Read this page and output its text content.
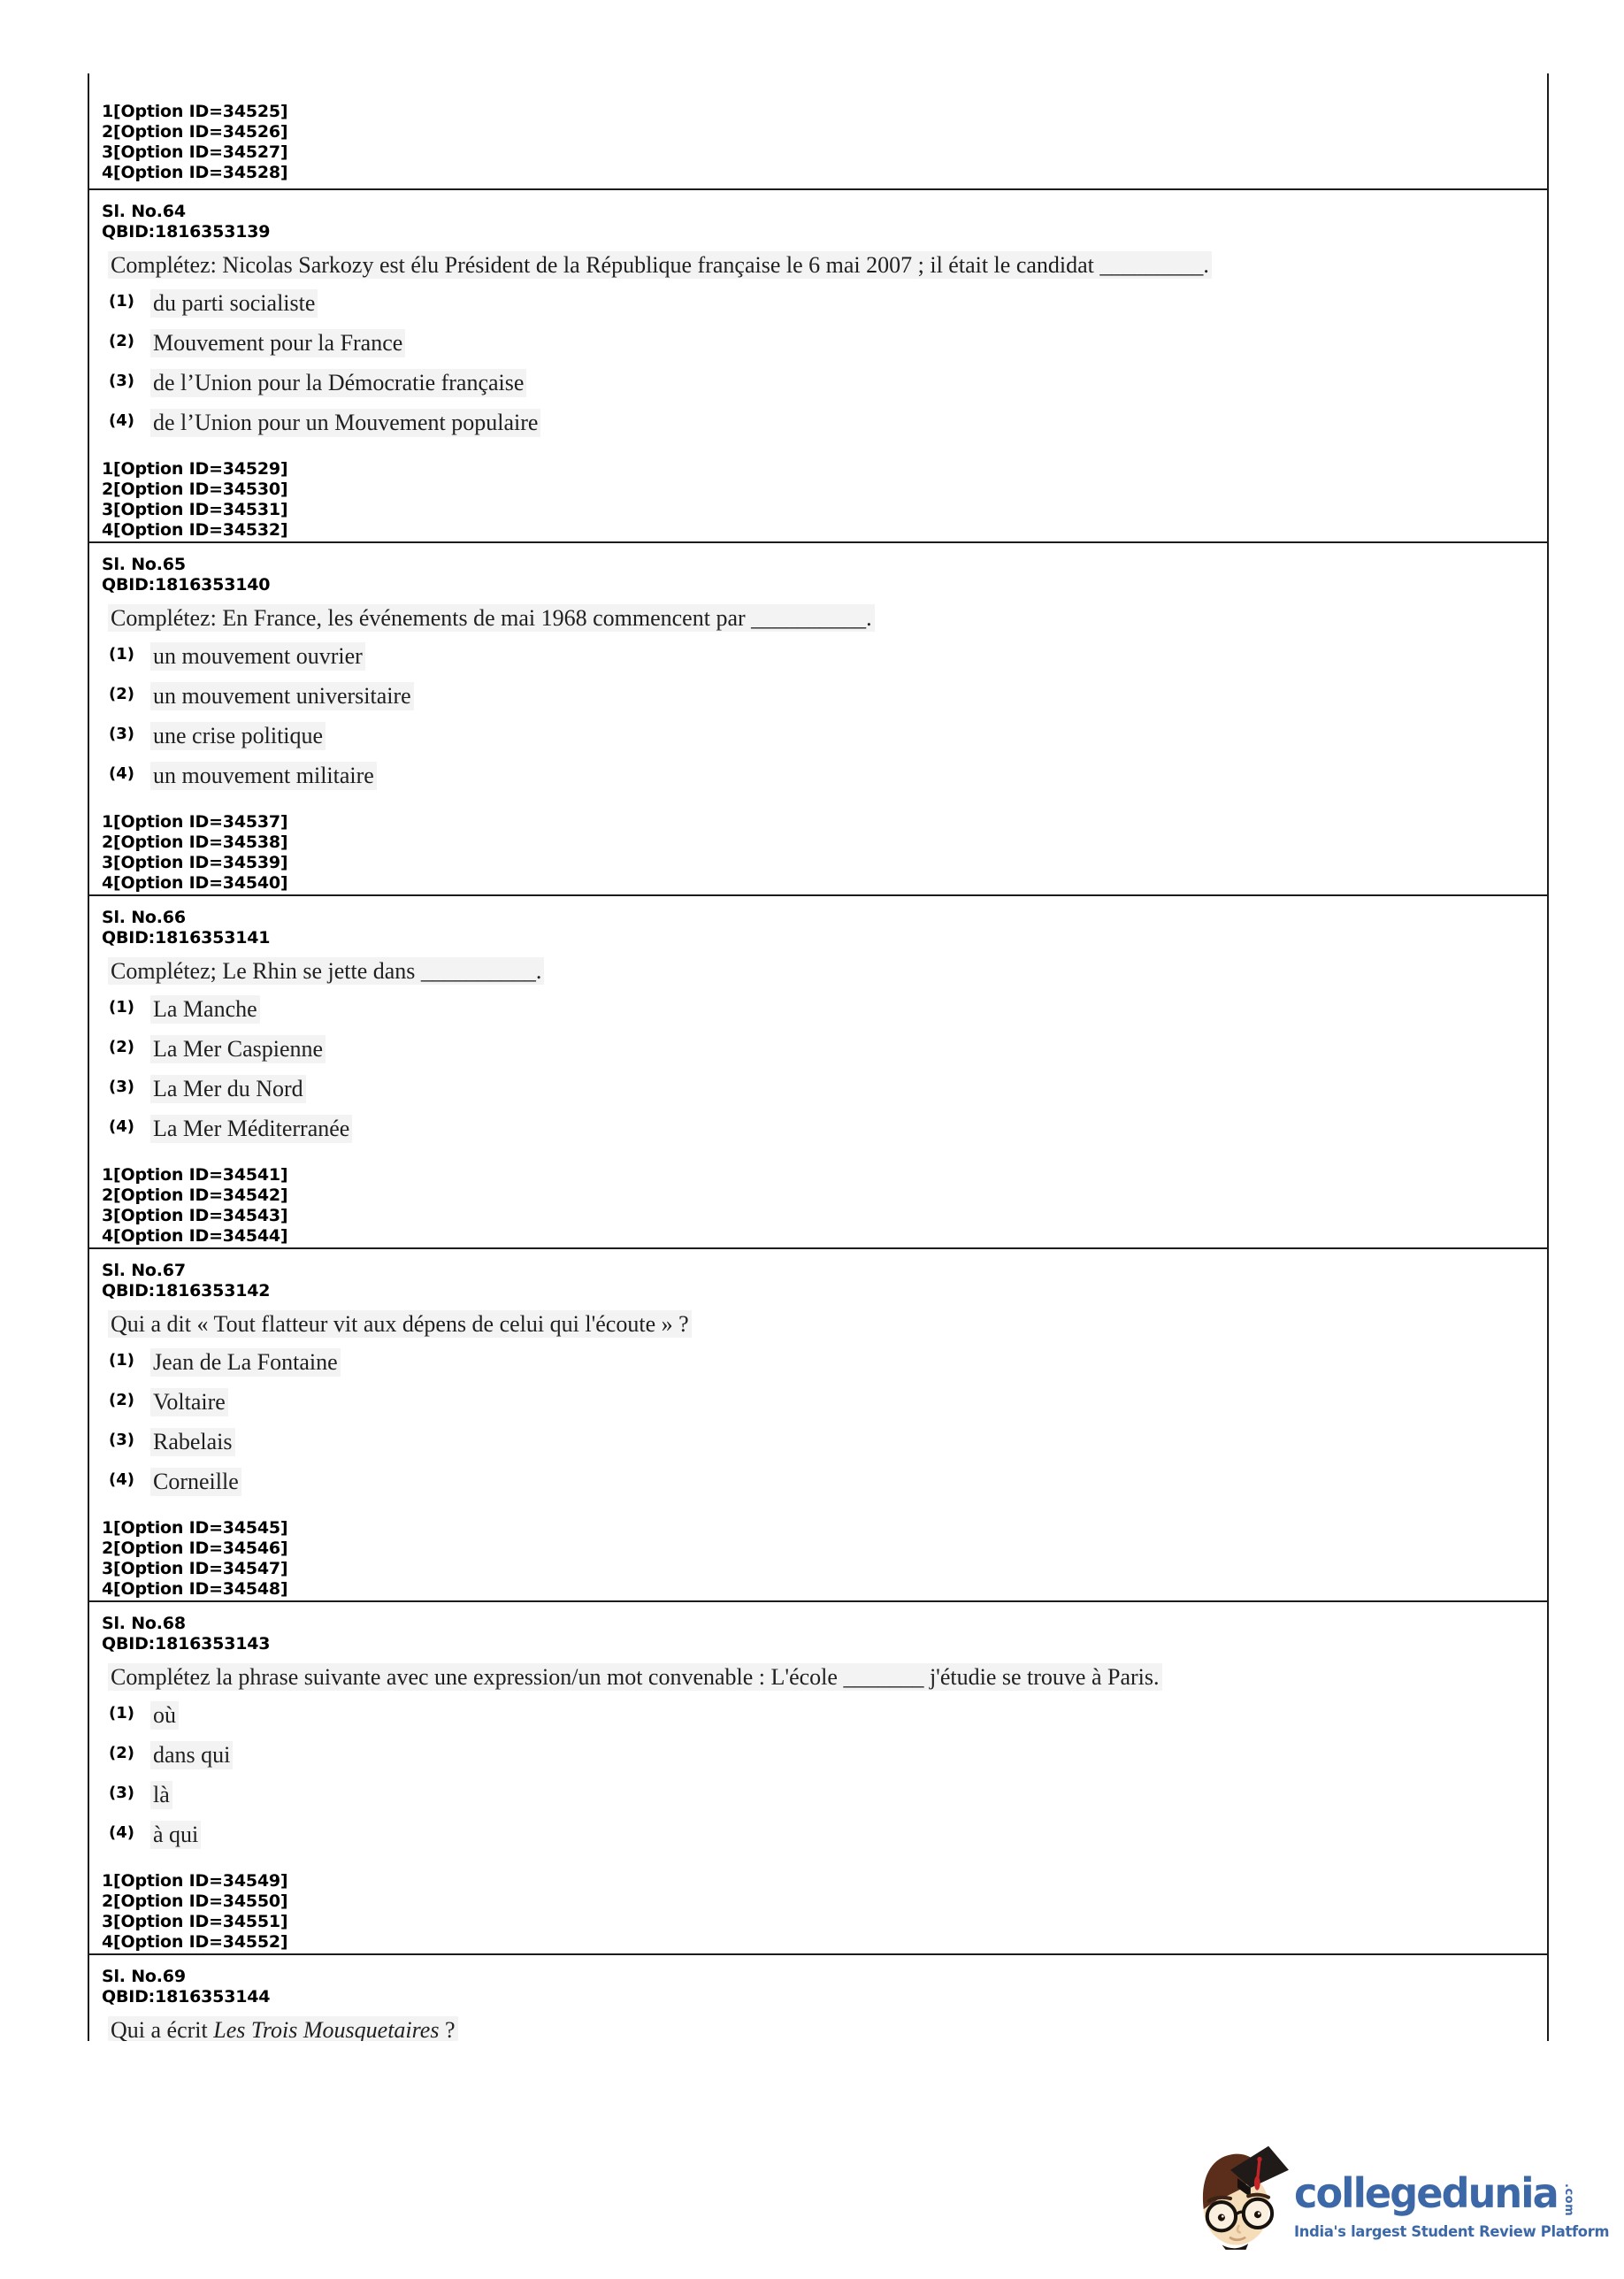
1[Option ID=34525]
2[Option ID=34526]
3[Option ID=34527]
4[Option ID=34528]
Sl. No.64
QBID:1816353139

Complétez: Nicolas Sarkozy est élu Président de la République française le 6 mai 2007 ; il était le candidat _________.

(1) du parti socialiste
(2) Mouvement pour la France
(3) de l’Union pour la Démocratie française
(4) de l’Union pour un Mouvement populaire
1[Option ID=34529]
2[Option ID=34530]
3[Option ID=34531]
4[Option ID=34532]
Sl. No.65
QBID:1816353140

Complétez: En France, les événements de mai 1968 commencent par __________.

(1) un mouvement ouvrier
(2) un mouvement universitaire
(3) une crise politique
(4) un mouvement militaire
1[Option ID=34537]
2[Option ID=34538]
3[Option ID=34539]
4[Option ID=34540]
Sl. No.66
QBID:1816353141

Complétez; Le Rhin se jette dans __________.

(1) La Manche
(2) La Mer Caspienne
(3) La Mer du Nord
(4) La Mer Méditerranée
1[Option ID=34541]
2[Option ID=34542]
3[Option ID=34543]
4[Option ID=34544]
Sl. No.67
QBID:1816353142

Qui a dit « Tout flatteur vit aux dépens de celui qui l'écoute » ?

(1) Jean de La Fontaine
(2) Voltaire
(3) Rabelais
(4) Corneille
1[Option ID=34545]
2[Option ID=34546]
3[Option ID=34547]
4[Option ID=34548]
Sl. No.68
QBID:1816353143

Complétez la phrase suivante avec une expression/un mot convenable : L'école _______ j'étudie se trouve à Paris.

(1) où
(2) dans qui
(3) là
(4) à qui
1[Option ID=34549]
2[Option ID=34550]
3[Option ID=34551]
4[Option ID=34552]
Sl. No.69
QBID:1816353144

Qui a écrit Les Trois Mousquetaires ?

collegedunia .com
India's largest Student Review Platform
